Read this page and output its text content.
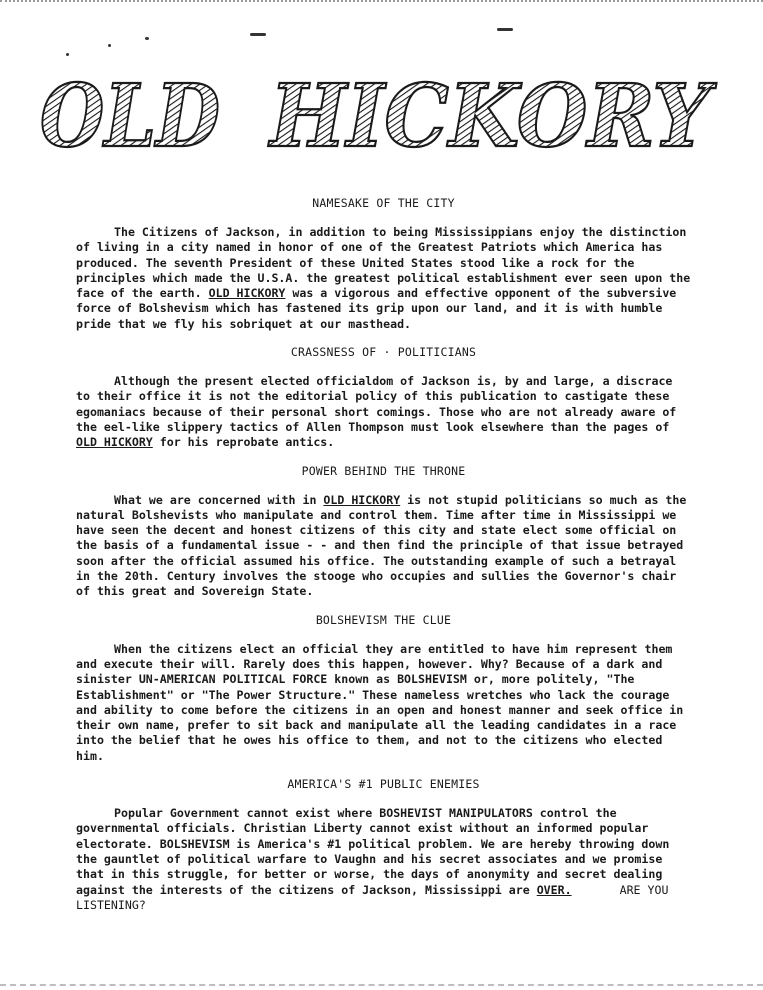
OLD HICKORY
NAMESAKE OF THE CITY

The Citizens of Jackson, in addition to being Mississippians enjoy the distinction of living in a city named in honor of one of the Greatest Patriots which America has produced. The seventh President of these United States stood like a rock for the principles which made the U.S.A. the greatest political establishment ever seen upon the face of the earth. OLD HICKORY was a vigorous and effective opponent of the subversive force of Bolshevism which has fastened its grip upon our land, and it is with humble pride that we fly his sobriquet at our masthead.

CRASSNESS OF · POLITICIANS

Although the present elected officialdom of Jackson is, by and large, a discrace to their office it is not the editorial policy of this publication to castigate these egomaniacs because of their personal short comings. Those who are not already aware of the eel-like slippery tactics of Allen Thompson must look elsewhere than the pages of OLD HICKORY for his reprobate antics.

POWER BEHIND THE THRONE

What we are concerned with in OLD HICKORY is not stupid politicians so much as the natural Bolshevists who manipulate and control them. Time after time in Mississippi we have seen the decent and honest citizens of this city and state elect some official on the basis of a fundamental issue - - and then find the principle of that issue betrayed soon after the official assumed his office. The outstanding example of such a betrayal in the 20th. Century involves the stooge who occupies and sullies the Governor's chair of this great and Sovereign State.

BOLSHEVISM THE CLUE

When the citizens elect an official they are entitled to have him represent them and execute their will. Rarely does this happen, however. Why? Because of a dark and sinister UN-AMERICAN POLITICAL FORCE known as BOLSHEVISM or, more politely, "The Establishment" or "The Power Structure." These nameless wretches who lack the courage and ability to come before the citizens in an open and honest manner and seek office in their own name, prefer to sit back and manipulate all the leading candidates in a race into the belief that he owes his office to them, and not to the citizens who elected him.

AMERICA'S #1 PUBLIC ENEMIES

Popular Government cannot exist where BOSHEVIST MANIPULATORS control the governmental officials. Christian Liberty cannot exist without an informed popular electorate. BOLSHEVISM is America's #1 political problem. We are hereby throwing down the gauntlet of political warfare to Vaughn and his secret associates and we promise that in this struggle, for better or worse, the days of anonymity and secret dealing against the interests of the citizens of Jackson, Mississippi are OVER.	ARE YOU LISTENING?
